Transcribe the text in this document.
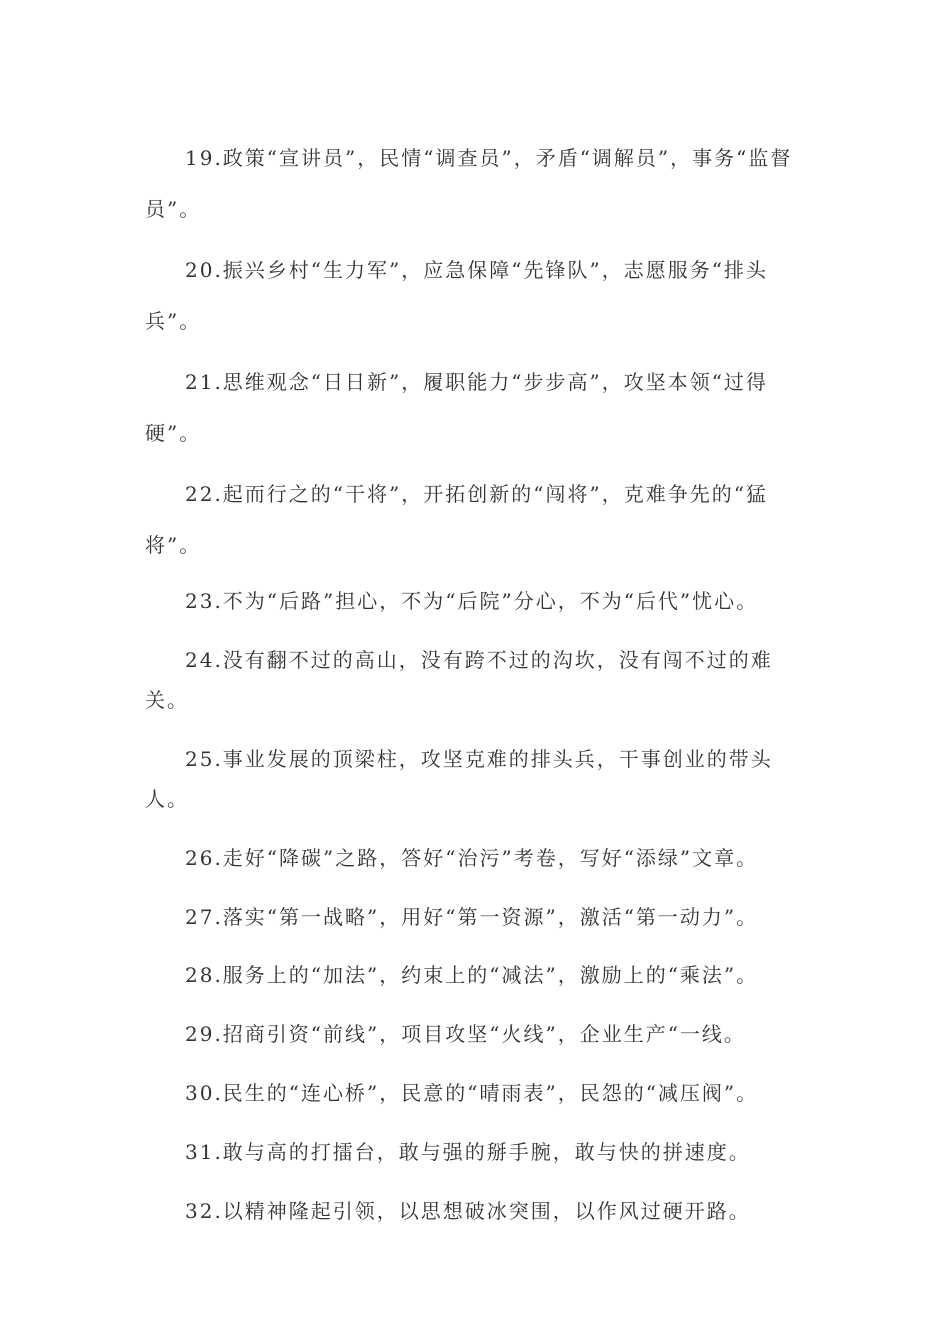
19.政策“宣讲员”，民情“调查员”，矛盾“调解员”，事务“监督员”。

20.振兴乡村“生力军”，应急保障“先锋队”，志愿服务“排头兵”。

21.思维观念“日日新”，履职能力“步步高”，攻坚本领“过得硬”。

22.起而行之的“干将”，开拓创新的“闯将”，克难争先的“猛将”。

23.不为“后路”担心，不为“后院”分心，不为“后代”忧心。

24.没有翻不过的高山，没有跨不过的沟坎，没有闯不过的难关。

25.事业发展的顶梁柱，攻坚克难的排头兵，干事创业的带头人。

26.走好“降碳”之路，答好“治污”考卷，写好“添绿”文章。

27.落实“第一战略”，用好“第一资源”，激活“第一动力”。

28.服务上的“加法”，约束上的“减法”，激励上的“乘法”。

29.招商引资“前线”，项目攻坚“火线”，企业生产“一线。

30.民生的“连心桥”，民意的“晴雨表”，民怨的“减压阀”。

31.敢与高的打擂台，敢与强的掰手腕，敢与快的拼速度。

32.以精神隆起引领，以思想破冰突围，以作风过硬开路。
